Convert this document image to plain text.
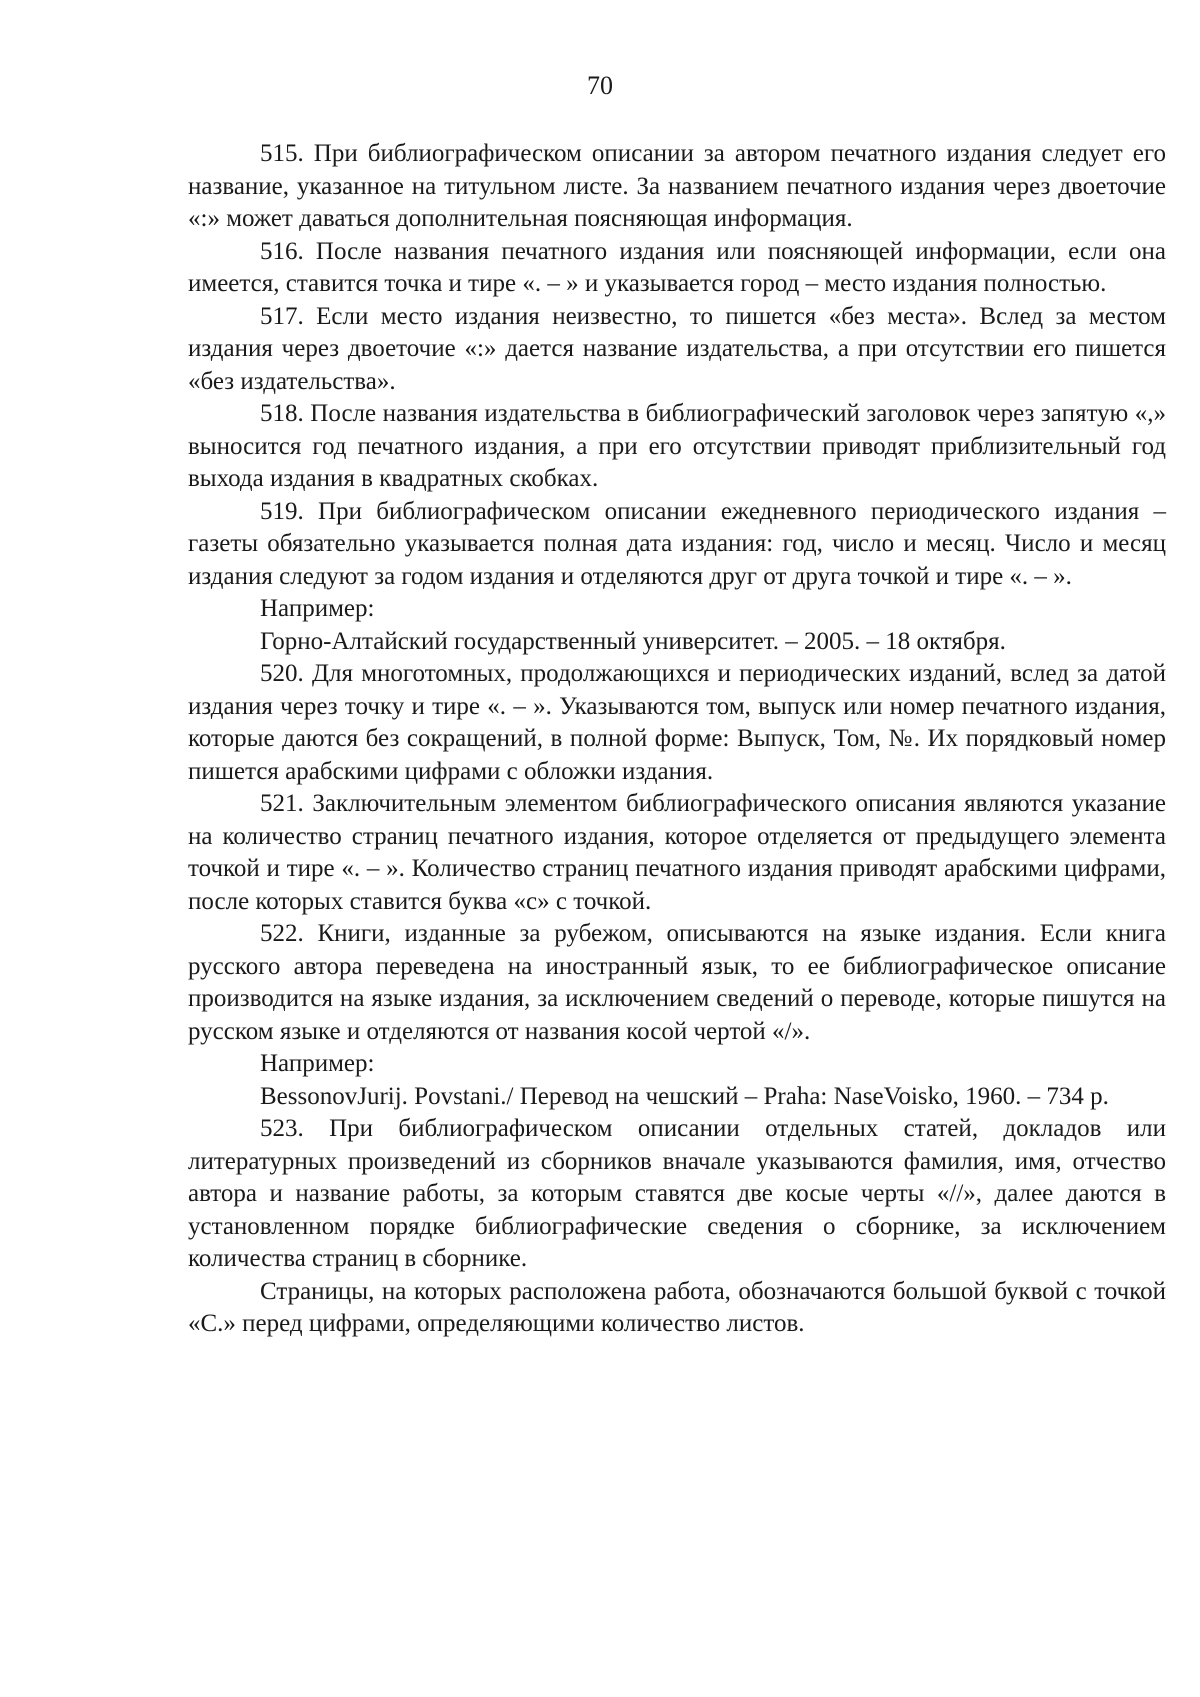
70

515. При библиографическом описании за автором печатного издания следует его название, указанное на титульном листе. За названием печатного издания через двоеточие «:» может даваться дополнительная поясняющая информация.

516. После названия печатного издания или поясняющей информации, если она имеется, ставится точка и тире «. – » и указывается город – место издания полностью.

517. Если место издания неизвестно, то пишется «без места». Вслед за местом издания через двоеточие «:» дается название издательства, а при отсутствии его пишется «без издательства».

518. После названия издательства в библиографический заголовок через запятую «,» выносится год печатного издания, а при его отсутствии приводят приблизительный год выхода издания в квадратных скобках.

519. При библиографическом описании ежедневного периодического издания – газеты обязательно указывается полная дата издания: год, число и месяц. Число и месяц издания следуют за годом издания и отделяются друг от друга точкой и тире «. – ».

Например:

Горно-Алтайский государственный университет. – 2005. – 18 октября.

520. Для многотомных, продолжающихся и периодических изданий, вслед за датой издания через точку и тире «. – ». Указываются том, выпуск или номер печатного издания, которые даются без сокращений, в полной форме: Выпуск, Том, №. Их порядковый номер пишется арабскими цифрами с обложки издания.

521. Заключительным элементом библиографического описания являются указание на количество страниц печатного издания, которое отделяется от предыдущего элемента точкой и тире «. – ». Количество страниц печатного издания приводят арабскими цифрами, после которых ставится буква «с» с точкой.

522. Книги, изданные за рубежом, описываются на языке издания. Если книга русского автора переведена на иностранный язык, то ее библиографическое описание производится на языке издания, за исключением сведений о переводе, которые пишутся на русском языке и отделяются от названия косой чертой «/».

Например:

BessonovJurij. Povstani./ Перевод на чешский – Praha: NaseVoisko, 1960. – 734 p.

523. При библиографическом описании отдельных статей, докладов или литературных произведений из сборников вначале указываются фамилия, имя, отчество автора и название работы, за которым ставятся две косые черты «//», далее даются в установленном порядке библиографические сведения о сборнике, за исключением количества страниц в сборнике.

Страницы, на которых расположена работа, обозначаются большой буквой с точкой «С.» перед цифрами, определяющими количество листов.
